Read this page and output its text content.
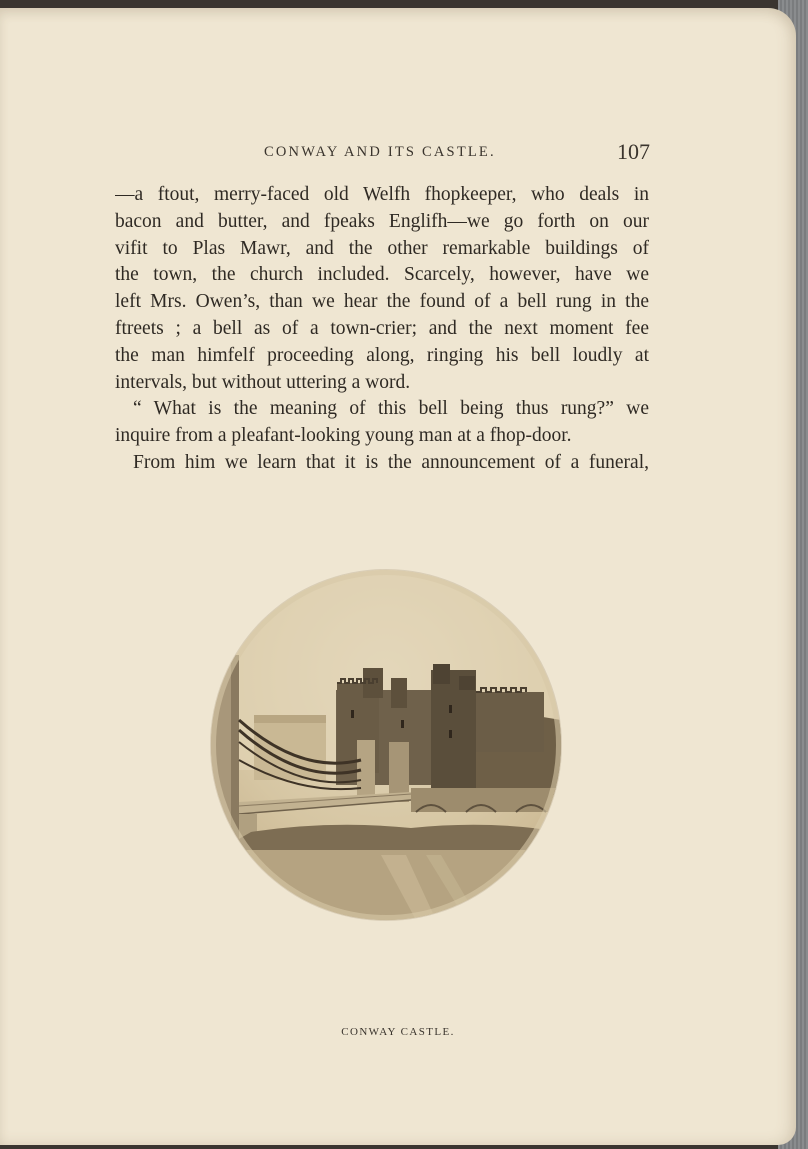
CONWAY AND ITS CASTLE.	107
—a ftout, merry-faced old Welfh fhopkeeper, who deals in
bacon and butter, and fpeaks Englifh—we go forth on our
vifit to Plas Mawr, and the other remarkable buildings of
the town, the church included. Scarcely, however, have we
left Mrs. Owen’s, than we hear the found of a bell rung in the
ftreets ; a bell as of a town-crier; and the next moment fee
the man himfelf proceeding along, ringing his bell loudly at
intervals, but without uttering a word.
“ What is the meaning of this bell being thus rung?” we
inquire from a pleafant-looking young man at a fhop-door.
From him we learn that it is the announcement of a funeral,
CONWAY CASTLE.
